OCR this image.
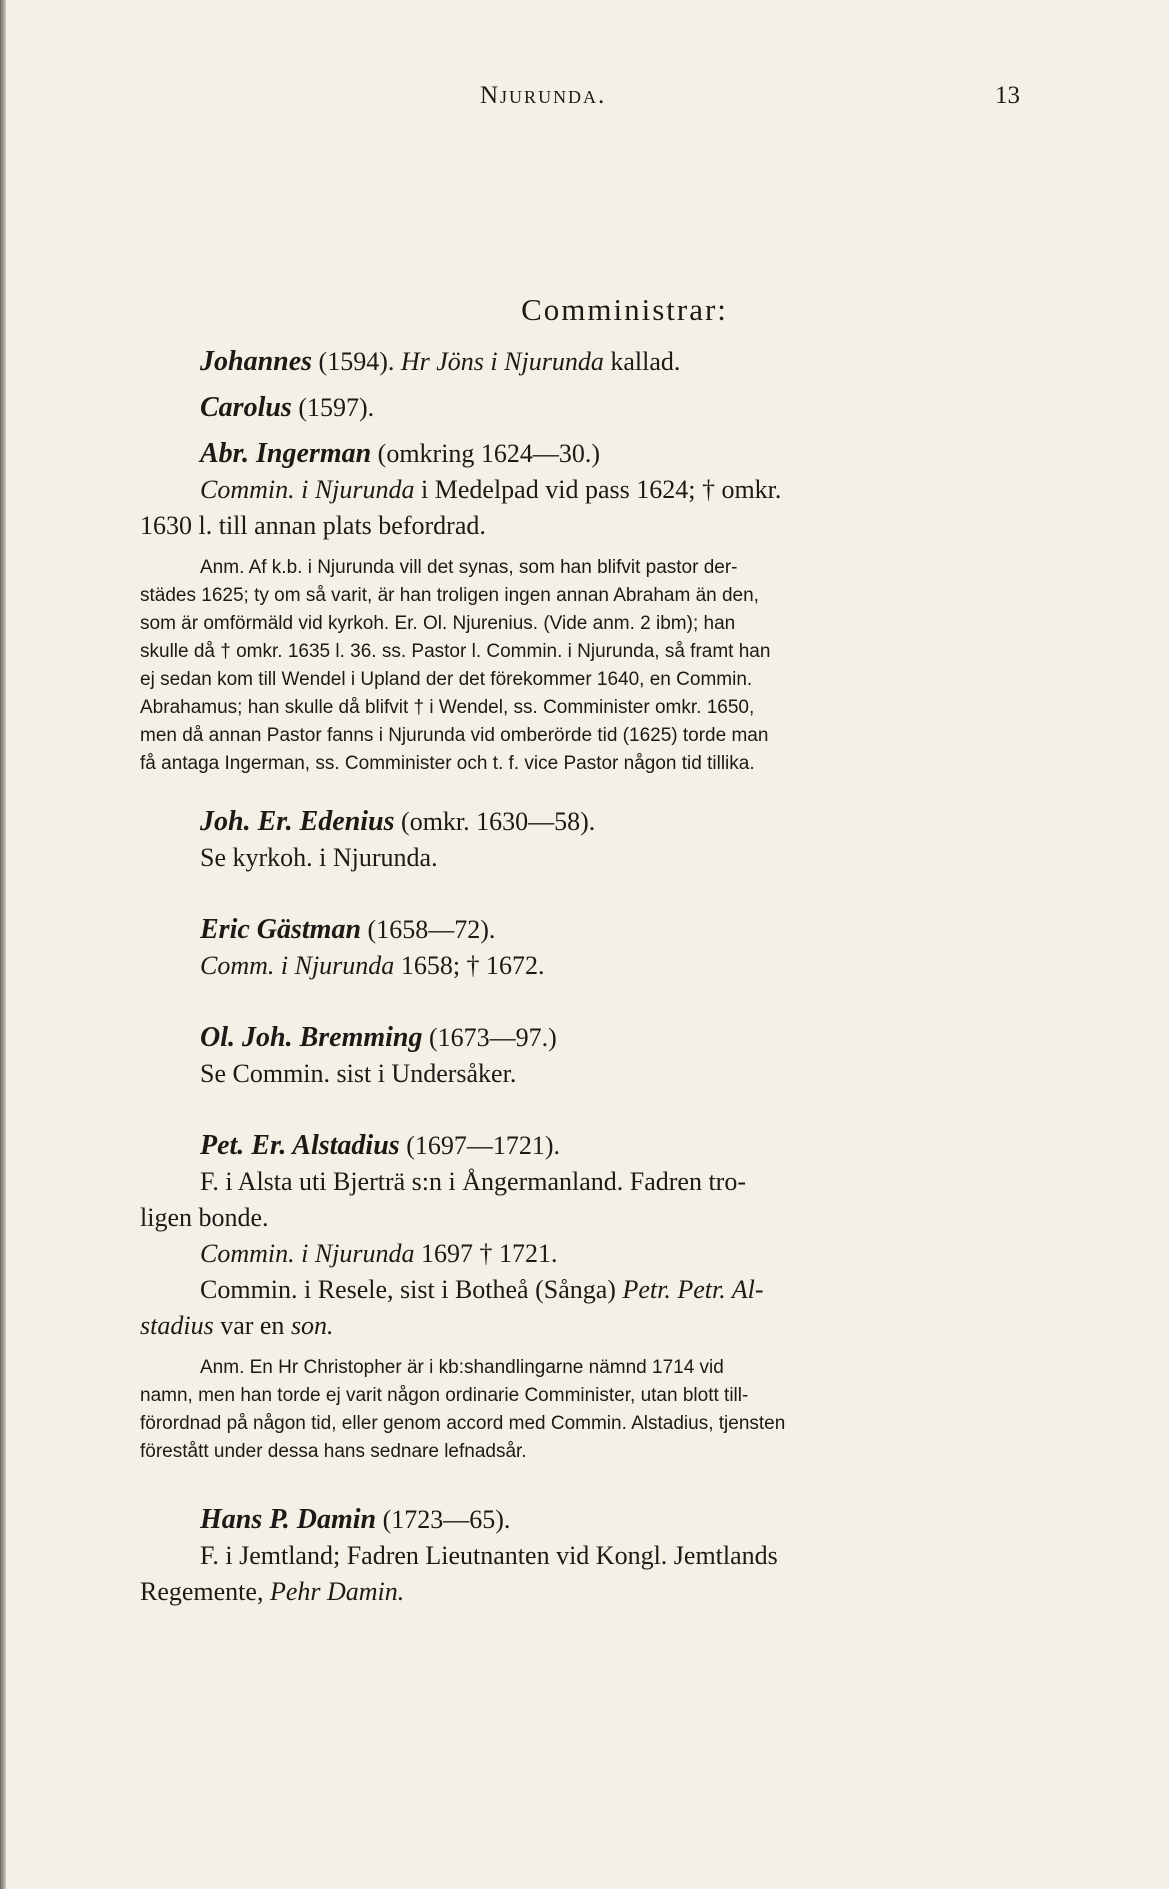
Njurunda.	13
Comministrar:
Johannes (1594). Hr Jöns i Njurunda kallad.
Carolus (1597).
Abr. Ingerman (omkring 1624—30.)
Commin. i Njurunda i Medelpad vid pass 1624; † omkr.
1630 l. till annan plats befordrad.
Anm. Af k.b. i Njurunda vill det synas, som han blifvit pastor der-
städes 1625; ty om så varit, är han troligen ingen annan Abraham än den,
som är omförmäld vid kyrkoh. Er. Ol. Njurenius. (Vide anm. 2 ibm); han
skulle då † omkr. 1635 l. 36. ss. Pastor l. Commin. i Njurunda, så framt han
ej sedan kom till Wendel i Upland der det förekommer 1640, en Commin.
Abrahamus; han skulle då blifvit † i Wendel, ss. Comminister omkr. 1650,
men då annan Pastor fanns i Njurunda vid omberörde tid (1625) torde man
få antaga Ingerman, ss. Comminister och t. f. vice Pastor någon tid tillika.
Joh. Er. Edenius (omkr. 1630—58).
Se kyrkoh. i Njurunda.
Eric Gästman (1658—72).
Comm. i Njurunda 1658; † 1672.
Ol. Joh. Bremming (1673—97.)
Se Commin. sist i Undersåker.
Pet. Er. Alstadius (1697—1721).
F. i Alsta uti Bjerträ s:n i Ångermanland. Fadren tro-
ligen bonde.
Commin. i Njurunda 1697 † 1721.
Commin. i Resele, sist i Botheå (Sånga) Petr. Petr. Al-
stadius var en son.
Anm. En Hr Christopher är i kb:shandlingarne nämnd 1714 vid
namn, men han torde ej varit någon ordinarie Comminister, utan blott till-
förordnad på någon tid, eller genom accord med Commin. Alstadius, tjensten
förestått under dessa hans sednare lefnadsår.
Hans P. Damin (1723—65).
F. i Jemtland; Fadren Lieutnanten vid Kongl. Jemtlands
Regemente, Pehr Damin.
